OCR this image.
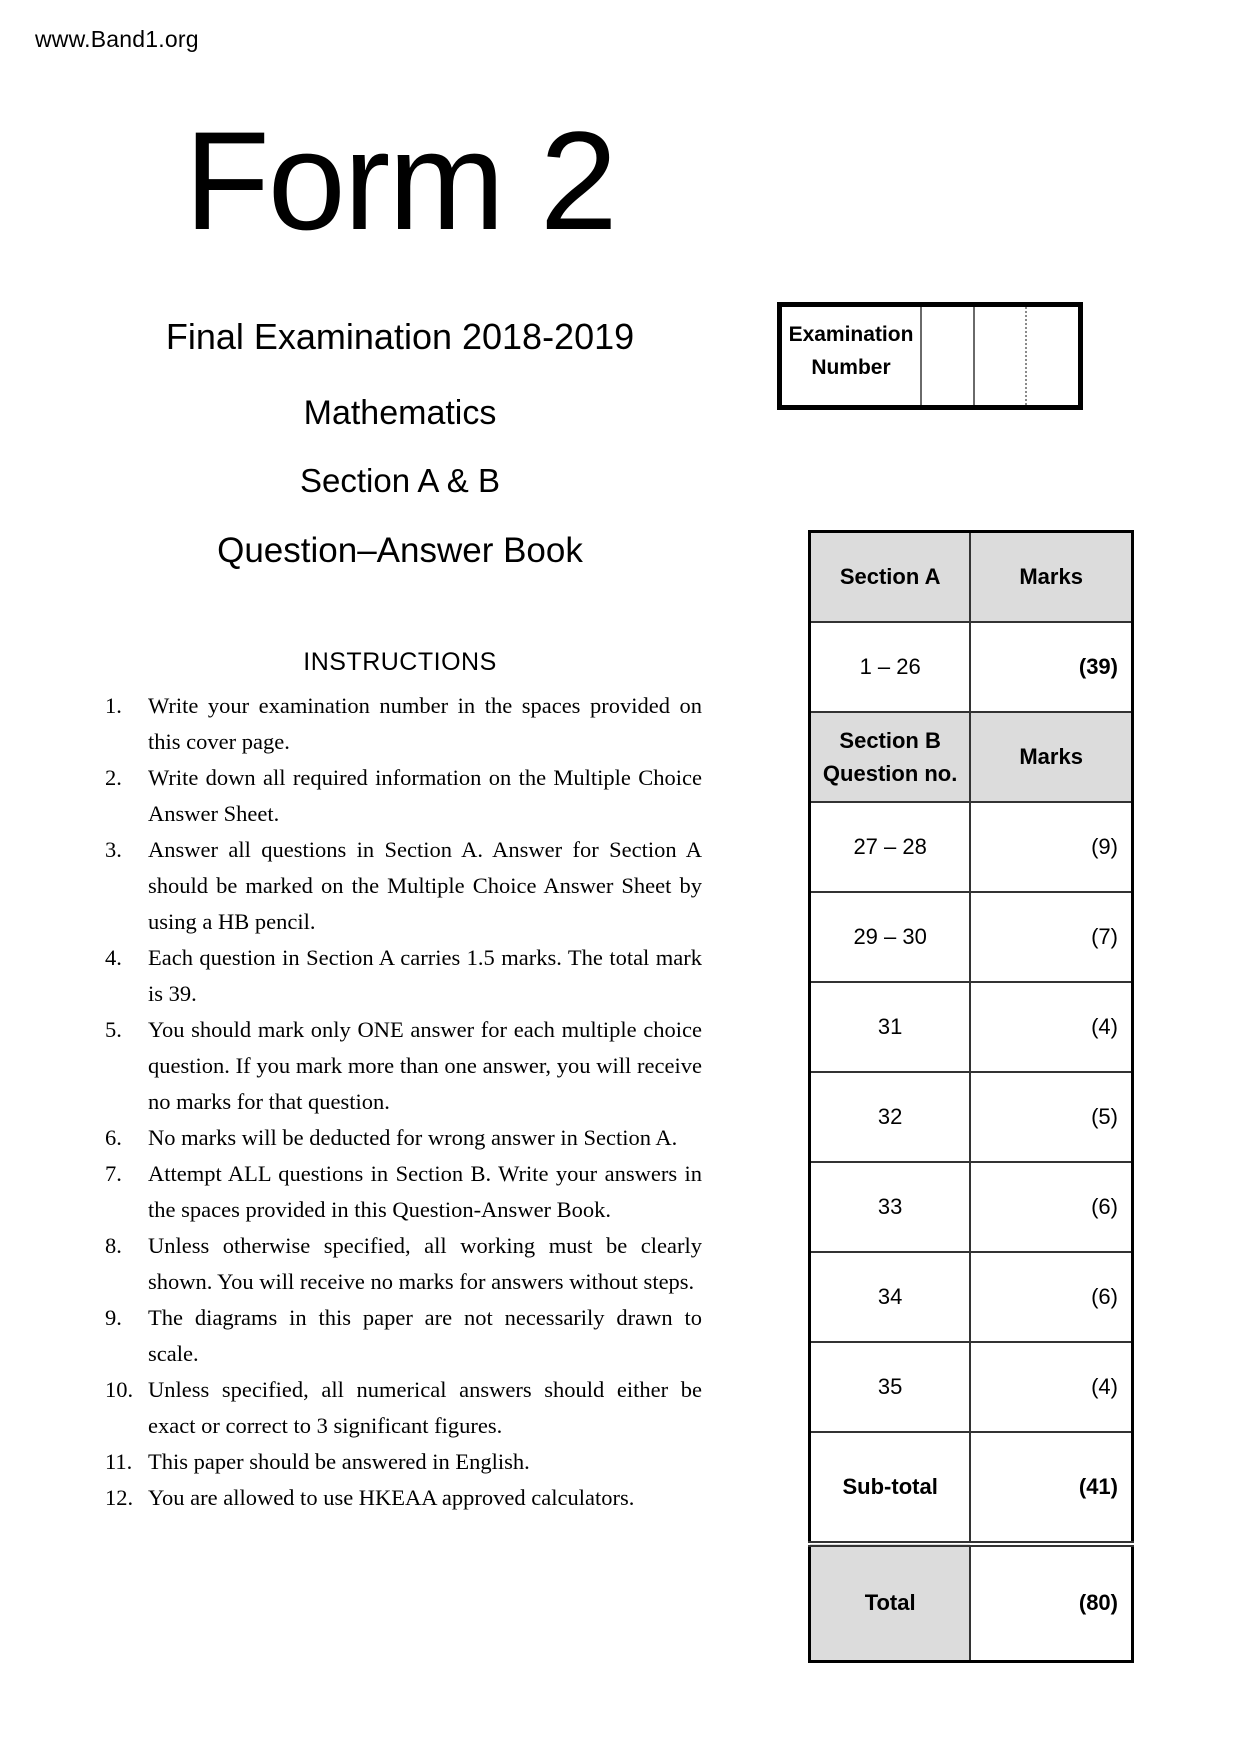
www.Band1.org
Form 2
Final Examination 2018-2019
Mathematics
Section A & B
Question–Answer Book
Examination
Number
INSTRUCTIONS
1.	Write your examination number in the spaces provided on this cover page.
2.	Write down all required information on the Multiple Choice Answer Sheet.
3.	Answer all questions in Section A. Answer for Section A should be marked on the Multiple Choice Answer Sheet by using a HB pencil.
4.	Each question in Section A carries 1.5 marks. The total mark is 39.
5.	You should mark only ONE answer for each multiple choice question. If you mark more than one answer, you will receive no marks for that question.
6.	No marks will be deducted for wrong answer in Section A.
7.	Attempt ALL questions in Section B. Write your answers in the spaces provided in this Question-Answer Book.
8.	Unless otherwise specified, all working must be clearly shown. You will receive no marks for answers without steps.
9.	The diagrams in this paper are not necessarily drawn to scale.
10. Unless specified, all numerical answers should either be exact or correct to 3 significant figures.
11. This paper should be answered in English.
12. You are allowed to use HKEAA approved calculators.
Section A	Marks
1 – 26	(39)

Section B
Question no.	Marks
27 – 28	(9)
29 – 30	(7)
31	(4)
32	(5)
33	(6)
34	(6)
35	(4)
Sub-total	(41)
Total	(80)
